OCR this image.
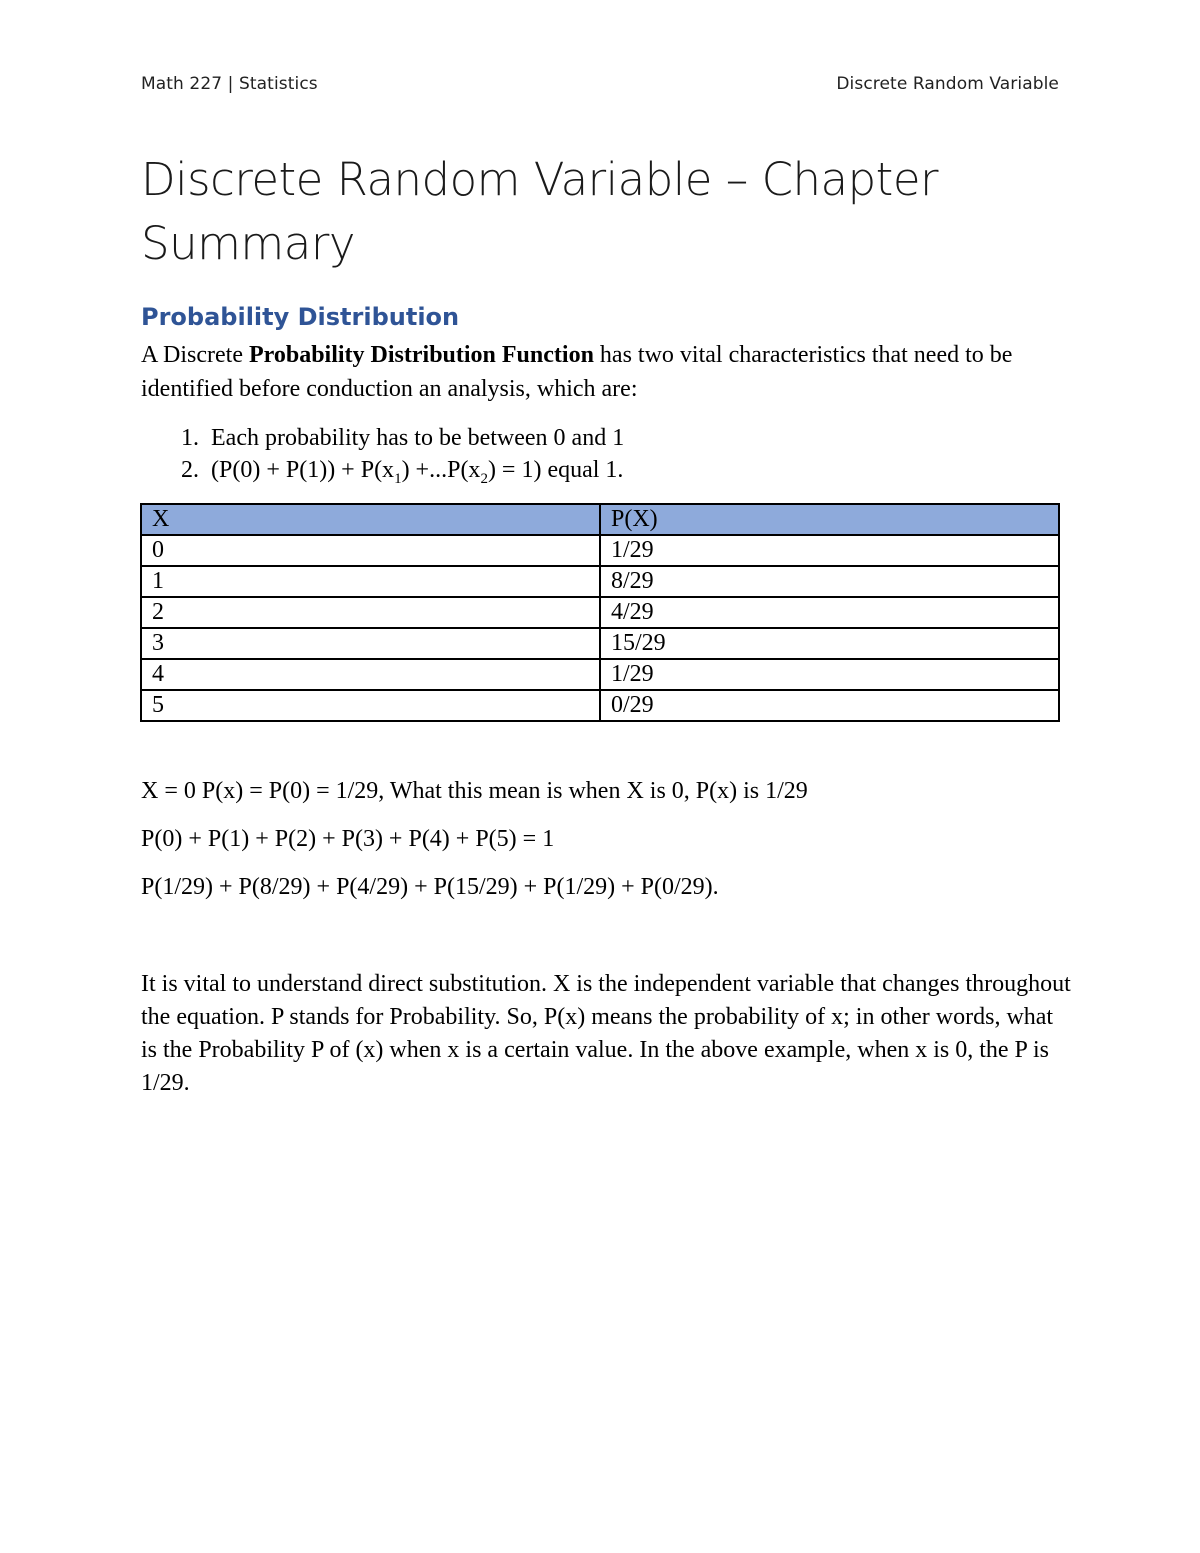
Math 227 | Statistics	Discrete Random Variable
Discrete Random Variable – Chapter Summary
Probability Distribution

A Discrete Probability Distribution Function has two vital characteristics that need to be identified before conduction an analysis, which are:

1. Each probability has to be between 0 and 1
2. $(P(0) + P(1)) + P(x_1) +...P(x_2) = 1$) equal 1.
X	P(X)
0	1/29
1	8/29
2	4/29
3	15/29
4	1/29
5	0/29

X = 0 P(x) = P(0) = 1/29, What this mean is when X is 0, P(x) is 1/29

P(0) + P(1) + P(2) + P(3) + P(4) + P(5) = 1

P(1/29) + P(8/29) + P(4/29) + P(15/29) + P(1/29) + P(0/29).

It is vital to understand direct substitution. X is the independent variable that changes throughout the equation. P stands for Probability. So, P(x) means the probability of x; in other words, what is the Probability P of (x) when x is a certain value. In the above example, when x is 0, the P is 1/29.
